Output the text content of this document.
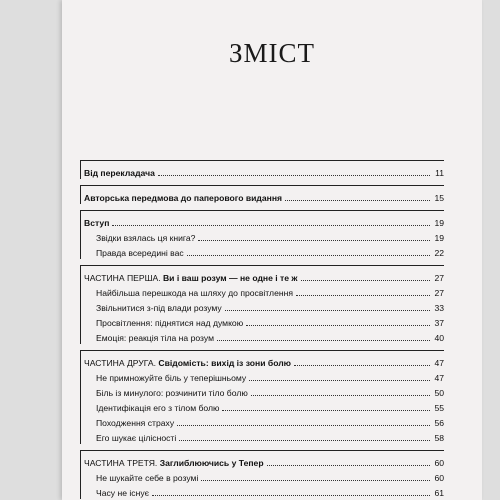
ЗМІСТ
Від перекладача	11
Авторська передмова до паперового видання	15
Вступ	19
Звідки взялась ця книга?	19
Правда всередині вас	22
ЧАСТИНА ПЕРША. Ви і ваш розум — не одне і те ж	27
Найбільша перешкода на шляху до просвітлення	27
Звільнитися з-під влади розуму	33
Просвітлення: піднятися над думкою	37
Емоція: реакція тіла на розум	40
ЧАСТИНА ДРУГА. Свідомість: вихід із зони болю	47
Не примножуйте біль у теперішньому	47
Біль із минулого: розчинити тіло болю	50
Ідентифікація его з тілом болю	55
Походження страху	56
Его шукає цілісності	58
ЧАСТИНА ТРЕТЯ. Заглиблюючись у Тепер	60
Не шукайте себе в розумі	60
Часу не існує	61
